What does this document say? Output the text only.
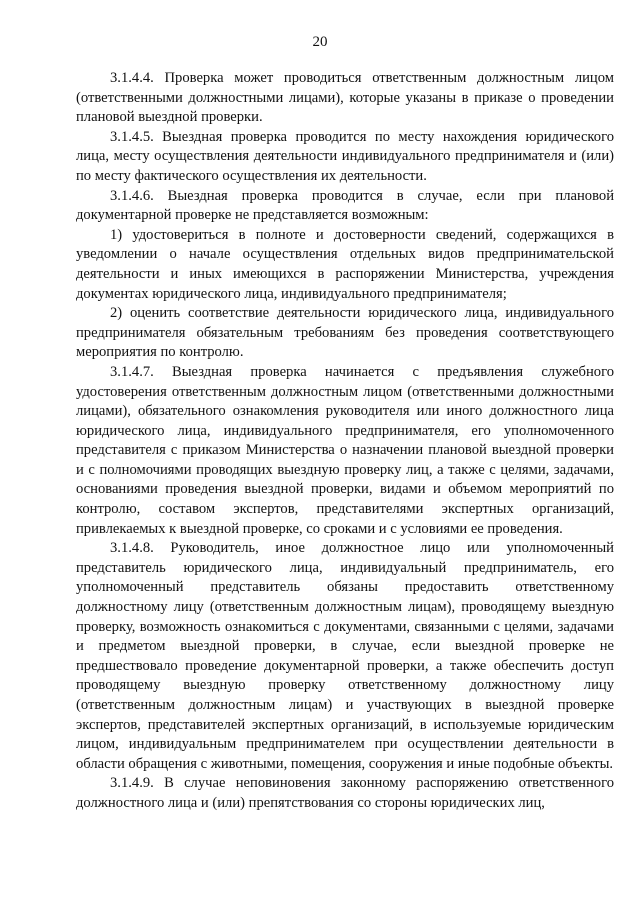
20

3.1.4.4. Проверка может проводиться ответственным должностным лицом (ответственными должностными лицами), которые указаны в приказе о проведении плановой выездной проверки.

3.1.4.5. Выездная проверка проводится по месту нахождения юридического лица, месту осуществления деятельности индивидуального предпринимателя и (или) по месту фактического осуществления их деятельности.

3.1.4.6. Выездная проверка проводится в случае, если при плановой документарной проверке не представляется возможным:

1) удостовериться в полноте и достоверности сведений, содержащихся в уведомлении о начале осуществления отдельных видов предпринимательской деятельности и иных имеющихся в распоряжении Министерства, учреждения документах юридического лица, индивидуального предпринимателя;

2) оценить соответствие деятельности юридического лица, индивидуального предпринимателя обязательным требованиям без проведения соответствующего мероприятия по контролю.

3.1.4.7. Выездная проверка начинается с предъявления служебного удостоверения ответственным должностным лицом (ответственными должностными лицами), обязательного ознакомления руководителя или иного должностного лица юридического лица, индивидуального предпринимателя, его уполномоченного представителя с приказом Министерства о назначении плановой выездной проверки и с полномочиями проводящих выездную проверку лиц, а также с целями, задачами, основаниями проведения выездной проверки, видами и объемом мероприятий по контролю, составом экспертов, представителями экспертных организаций, привлекаемых к выездной проверке, со сроками и с условиями ее проведения.

3.1.4.8. Руководитель, иное должностное лицо или уполномоченный представитель юридического лица, индивидуальный предприниматель, его уполномоченный представитель обязаны предоставить ответственному должностному лицу (ответственным должностным лицам), проводящему выездную проверку, возможность ознакомиться с документами, связанными с целями, задачами и предметом выездной проверки, в случае, если выездной проверке не предшествовало проведение документарной проверки, а также обеспечить доступ проводящему выездную проверку ответственному должностному лицу (ответственным должностным лицам) и участвующих в выездной проверке экспертов, представителей экспертных организаций, в используемые юридическим лицом, индивидуальным предпринимателем при осуществлении деятельности в области обращения с животными, помещения, сооружения и иные подобные объекты.

3.1.4.9. В случае неповиновения законному распоряжению ответственного должностного лица и (или) препятствования со стороны юридических лиц,
